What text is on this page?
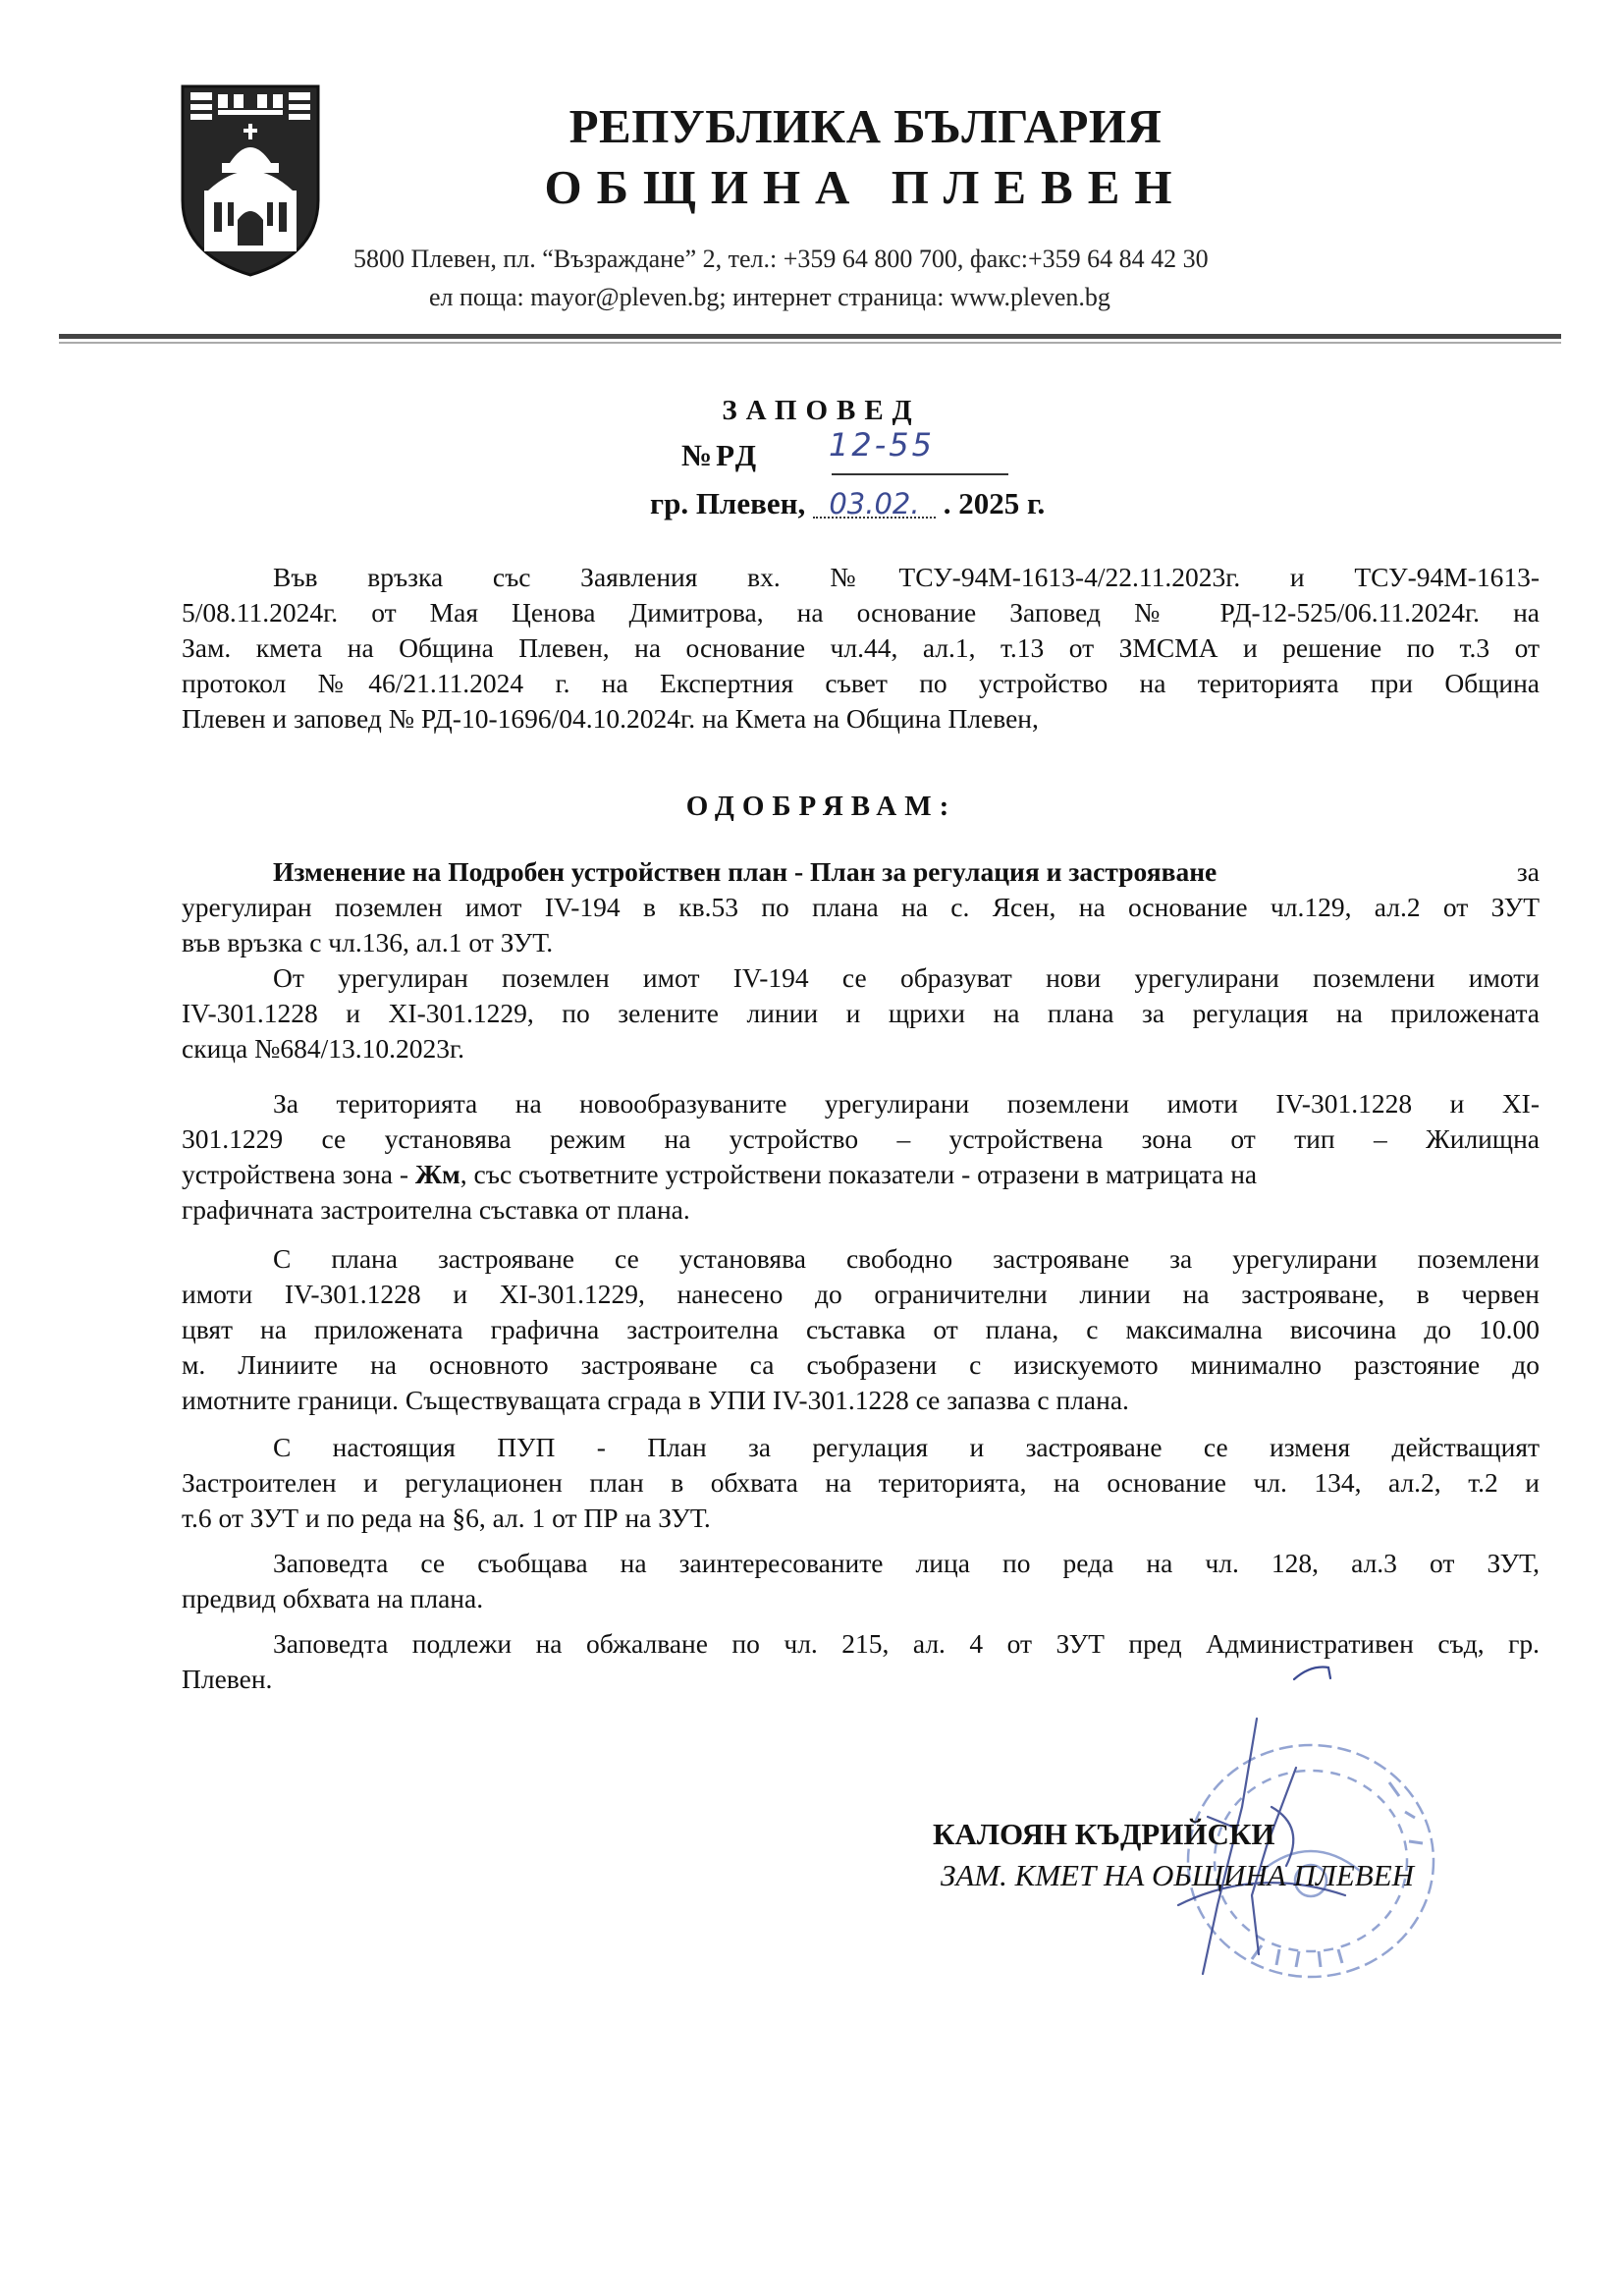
РЕПУБЛИКА БЪЛГАРИЯ
ОБЩИНА ПЛЕВЕН
5800 Плевен, пл. “Възраждане” 2, тел.: +359 64 800 700, факс:+359 64 84 42 30
ел поща: mayor@pleven.bg; интернет страница: www.pleven.bg
ЗАПОВЕД
№РД 12-55
гр. Плевен, 03.02. . 2025 г.
Във връзка със Заявления вх. №ТСУ-94М-1613-4/22.11.2023г. и ТСУ-94М-1613-
5/08.11.2024г. от Мая Ценова Димитрова, на основание Заповед № РД-12-525/06.11.2024г. на
Зам. кмета на Община Плевен, на основание чл.44, ал.1, т.13 от ЗМСМА и решение по т.3 от
протокол №46/21.11.2024 г. на Експертния съвет по устройство на територията при Община
Плевен и заповед № РД-10-1696/04.10.2024г. на Кмета на Община Плевен,
ОДОБРЯВАМ:
Изменение на Подробен устройствен план - План за регулация и застрояване	за
урегулиран поземлен имот IV-194 в кв.53 по плана на с. Ясен, на основание чл.129, ал.2 от ЗУТ
във връзка с чл.136, ал.1 от ЗУТ.
От урегулиран поземлен имот IV-194 се образуват нови урегулирани поземлени имоти
IV-301.1228 и XI-301.1229, по зелените линии и щрихи на плана за регулация на приложената
скица №684/13.10.2023г.
За територията на новообразуваните урегулирани поземлени имоти IV-301.1228 и XI-
301.1229 се установява режим на устройство – устройствена зона от тип – Жилищна
устройствена зона - Жм , със съответните устройствени показатели - отразени в матрицата на
графичната застроителна съставка от плана.
С плана застрояване се установява свободно застрояване за урегулирани поземлени
имоти IV-301.1228 и XI-301.1229, нанесено до ограничителни линии на застрояване, в червен
цвят на приложената графична застроителна съставка от плана, с максимална височина до 10.00
м. Линиите на основното застрояване са съобразени с изискуемото минимално разстояние до
имотните граници. Съществуващата сграда в УПИ IV-301.1228 се запазва с плана.
С настоящия ПУП - План за регулация и застрояване се изменя действащият
Застроителен и регулационен план в обхвата на територията, на основание чл. 134, ал.2, т.2 и
т.6 от ЗУТ и по реда на §6, ал. 1 от ПР на ЗУТ.
Заповедта се съобщава на заинтересованите лица по реда на чл. 128, ал.3 от ЗУТ,
предвид обхвата на плана.
Заповедта подлежи на обжалване по чл. 215, ал. 4 от ЗУТ пред Административен съд, гр.
Плевен.
КАЛОЯН КЪДРИЙСКИ
ЗАМ. КМЕТ НА ОБЩИНА ПЛЕВЕН
